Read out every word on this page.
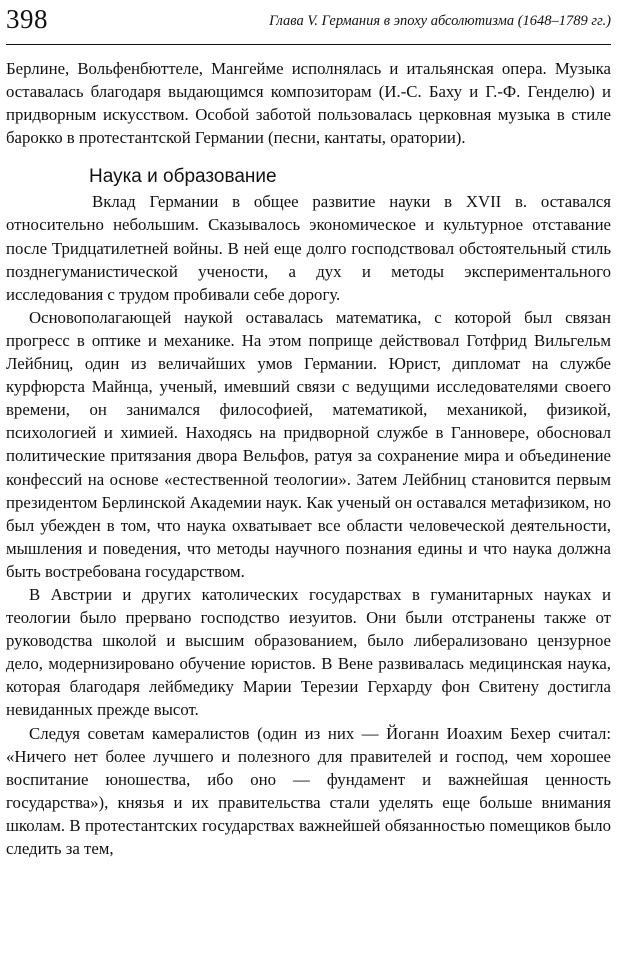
398	Глава V. Германия в эпоху абсолютизма (1648–1789 гг.)

Берлине, Вольфенбюттеле, Мангейме исполнялась и итальянская опера. Музыка оставалась благодаря выдающимся композиторам (И.-С. Баху и Г.-Ф. Генделю) и придворным искусством. Особой заботой пользовалась церковная музыка в стиле барокко в протестантской Германии (песни, кантаты, оратории).

Наука и образование

Вклад Германии в общее развитие науки в XVII в. оставался относительно небольшим. Сказывалось экономическое и культурное отставание после Тридцатилетней войны. В ней еще долго господствовал обстоятельный стиль позднегуманистической учености, а дух и методы экспериментального исследования с трудом пробивали себе дорогу.

Основополагающей наукой оставалась математика, с которой был связан прогресс в оптике и механике. На этом поприще действовал Готфрид Вильгельм Лейбниц, один из величайших умов Германии. Юрист, дипломат на службе курфюрста Майнца, ученый, имевший связи с ведущими исследователями своего времени, он занимался философией, математикой, механикой, физикой, психологией и химией. Находясь на придворной службе в Ганновере, обосновал политические притязания двора Вельфов, ратуя за сохранение мира и объединение конфессий на основе «естественной теологии». Затем Лейбниц становится первым президентом Берлинской Академии наук. Как ученый он оставался метафизиком, но был убежден в том, что наука охватывает все области человеческой деятельности, мышления и поведения, что методы научного познания едины и что наука должна быть востребована государством.

В Австрии и других католических государствах в гуманитарных науках и теологии было прервано господство иезуитов. Они были отстранены также от руководства школой и высшим образованием, было либерализовано цензурное дело, модернизировано обучение юристов. В Вене развивалась медицинская наука, которая благодаря лейбмедику Марии Терезии Герхарду фон Свитену достигла невиданных прежде высот.

Следуя советам камералистов (один из них — Йоганн Иоахим Бехер считал: «Ничего нет более лучшего и полезного для правителей и господ, чем хорошее воспитание юношества, ибо оно — фундамент и важнейшая ценность государства»), князья и их правительства стали уделять еще больше внимания школам. В протестантских государствах важнейшей обязанностью помещиков было следить за тем,
